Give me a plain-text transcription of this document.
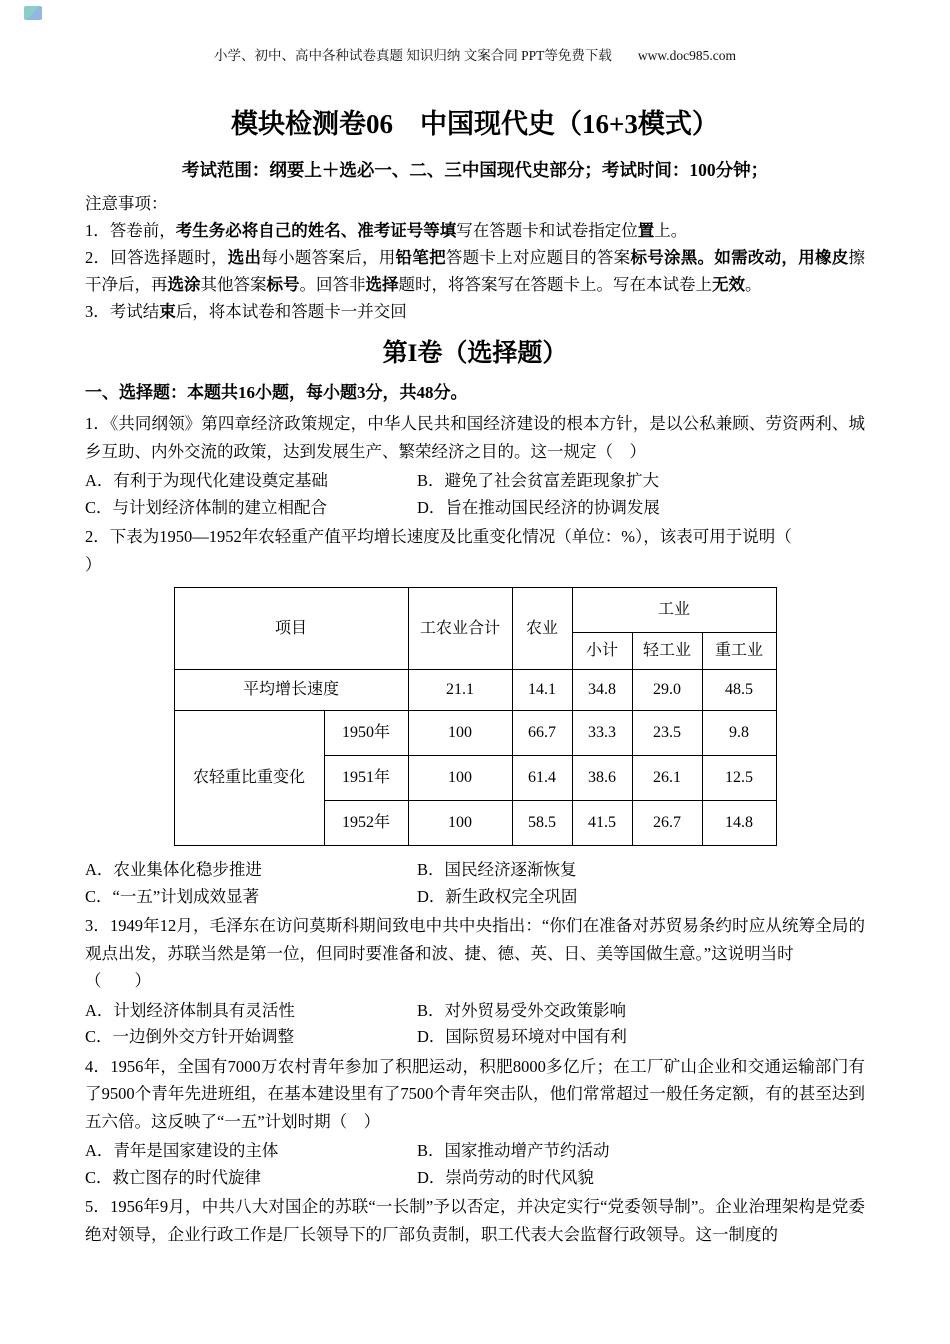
小学、初中、高中各种试卷真题 知识归纳 文案合同 PPT等免费下载 www.doc985.com
模块检测卷06　中国现代史（16+3模式）
考试范围：纲要上＋选必一、二、三中国现代史部分；考试时间：100分钟；
注意事项：

1．答卷前，考生务必将自己的姓名、准考证号等填写在答题卡和试卷指定位置上。

2．回答选择题时，选出每小题答案后，用铅笔把答题卡上对应题目的答案标号涂黑。如需改动，用橡皮擦干净后，再选涂其他答案标号。回答非选择题时，将答案写在答题卡上。写在本试卷上无效。

3．考试结束后，将本试卷和答题卡一并交回

第I卷（选择题）
一、选择题：本题共16小题，每小题3分，共48分。

1．《共同纲领》第四章经济政策规定，中华人民共和国经济建设的根本方针，是以公私兼顾、劳资两利、城乡互助、内外交流的政策，达到发展生产、繁荣经济之目的。这一规定（　）

A．有利于为现代化建设奠定基础	B．避免了社会贫富差距现象扩大
C．与计划经济体制的建立相配合	D．旨在推动国民经济的协调发展

2．下表为1950—1952年农轻重产值平均增长速度及比重变化情况（单位：%），该表可用于说明（

）

项目		工农业合计	农业	工业		
				小计	轻工业	重工业
平均增长速度		21.1	14.1	34.8	29.0	48.5
农轻重比重变化	1950年	100	66.7	33.3	23.5	9.8
	1951年	100	61.4	38.6	26.1	12.5
	1952年	100	58.5	41.5	26.7	14.8
A．农业集体化稳步推进	B．国民经济逐渐恢复
C．“一五”计划成效显著	D．新生政权完全巩固

3．1949年12月，毛泽东在访问莫斯科期间致电中共中央指出：“你们在准备对苏贸易条约时应从统筹全局的观点出发，苏联当然是第一位，但同时要准备和波、捷、德、英、日、美等国做生意。”这说明当时

（　　）

A．计划经济体制具有灵活性	B．对外贸易受外交政策影响
C．一边倒外交方针开始调整	D．国际贸易环境对中国有利

4．1956年，全国有7000万农村青年参加了积肥运动，积肥8000多亿斤；在工厂矿山企业和交通运输部门有了9500个青年先进班组，在基本建设里有了7500个青年突击队，他们常常超过一般任务定额，有的甚至达到五六倍。这反映了“一五”计划时期（　）

A．青年是国家建设的主体	B．国家推动增产节约活动
C．救亡图存的时代旋律	D．崇尚劳动的时代风貌

5．1956年9月，中共八大对国企的苏联“一长制”予以否定，并决定实行“党委领导制”。企业治理架构是党委绝对领导，企业行政工作是厂长领导下的厂部负责制，职工代表大会监督行政领导。这一制度的
